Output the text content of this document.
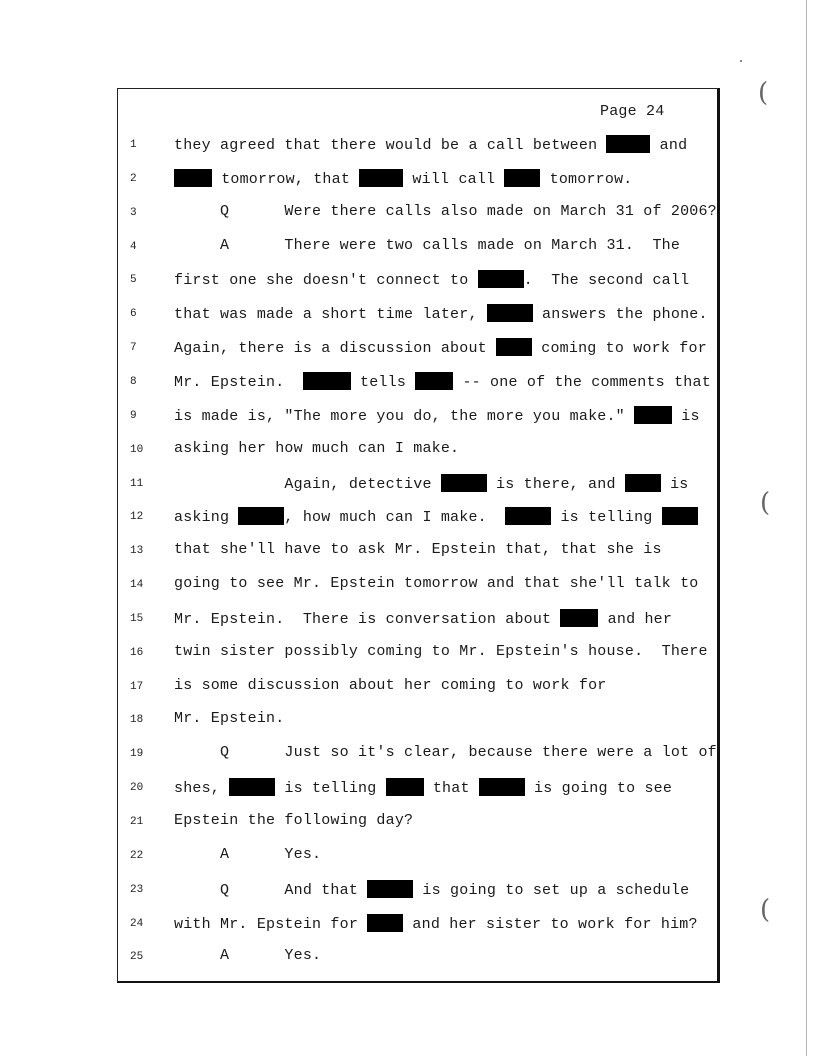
(
(
(
Page 24
1	they agreed that there would be a call between	and
2	tomorrow, that	will call  tomorrow.
3	Q      Were there calls also made on March 31 of 2006?
4	A      There were two calls made on March 31.  The
5	first one she doesn't connect to	.  The second call
6	that was made a short time later,	answers the phone.
7	Again, there is a discussion about  coming to work for
8	Mr. Epstein.	tells	-- one of the comments that
9	is made is, "The more you do, the more you make."	is
10	asking her how much can I make.
11	Again, detective	is there, and  is
12	asking	, how much can I make.	is telling
13	that she'll have to ask Mr. Epstein that, that she is
14	going to see Mr. Epstein tomorrow and that she'll talk to
15	Mr. Epstein.  There is conversation about	and her
16	twin sister possibly coming to Mr. Epstein's house.  There
17	is some discussion about her coming to work for
18	Mr. Epstein.
19	Q      Just so it's clear, because there were a lot of
20	shes,	is telling	that	is going to see
21	Epstein the following day?
22	A      Yes.
23	Q      And that	is going to set up a schedule
24	with Mr. Epstein for  and her sister to work for him?
25	A      Yes.
